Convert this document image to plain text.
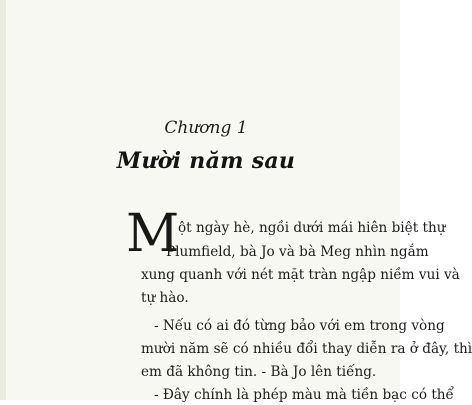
Chương 1
Mười năm sau
M
ột ngày hè, ngồi dưới mái hiên biệt thự
Plumfield, bà Jo và bà Meg nhìn ngắm
xung quanh với nét mặt tràn ngập niềm vui và
tự hào.
- Nếu có ai đó từng bảo với em trong vòng
mười năm sẽ có nhiều đổi thay diễn ra ở đây, thì
em đã không tin. - Bà Jo lên tiếng.
- Đây chính là phép màu mà tiền bạc có thể
